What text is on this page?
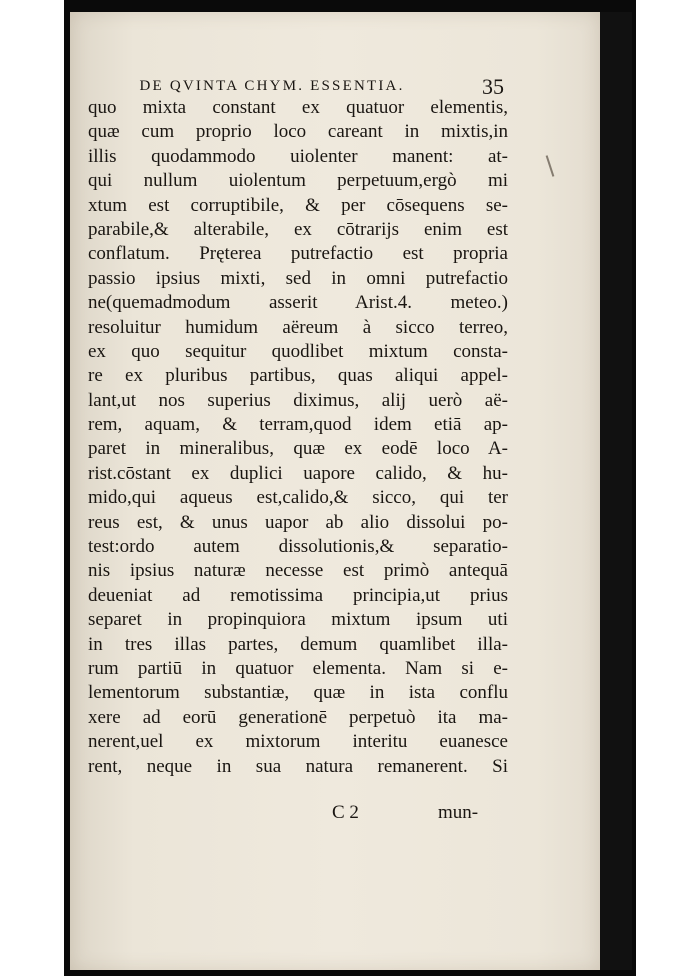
DE QVINTA CHYM. ESSENTIA.	35
quo mixta constant ex quatuor elementis,
quæ cum proprio loco careant in mixtis,in
illis quodammodo uiolenter manent: at-
qui nullum uiolentum perpetuum,ergò mi
xtum est corruptibile, & per cōsequens se-
parabile,& alterabile, ex cōtrarijs enim est
conflatum. Prętereа putrefactio est propria
passio ipsius mixti, sed in omni putrefactio
ne(quemadmodum asserit Arist.4. meteo.)
resoluitur humidum aëreum à sicco terreo,
ex quo sequitur quodlibet mixtum consta-
re ex pluribus partibus, quas aliqui appel-
lant,ut nos superius diximus, alij uerò aë-
rem, aquam, & terram,quod idem etiā ap-
paret in mineralibus, quæ ex eodē loco A-
rist.cōstant ex duplici uapore calido, & hu-
mido,qui aqueus est,calido,& sicco, qui ter
reus est, & unus uapor ab alio dissolui po-
test:ordo autem dissolutionis,& separatio-
nis ipsius naturæ necesse est primò antequā
deueniat ad remotissima principia,ut prius
separet in propinquiora mixtum ipsum uti
in tres illas partes, demum quamlibet illa-
rum partiū in quatuor elementa. Nam si e-
lementorum substantiæ, quæ in ista conflu
xere ad eorū generationē perpetuò ita ma-
nerent,uel ex mixtorum interitu euanesce
rent, neque in sua natura remanerent. Si
C 2	mun-
